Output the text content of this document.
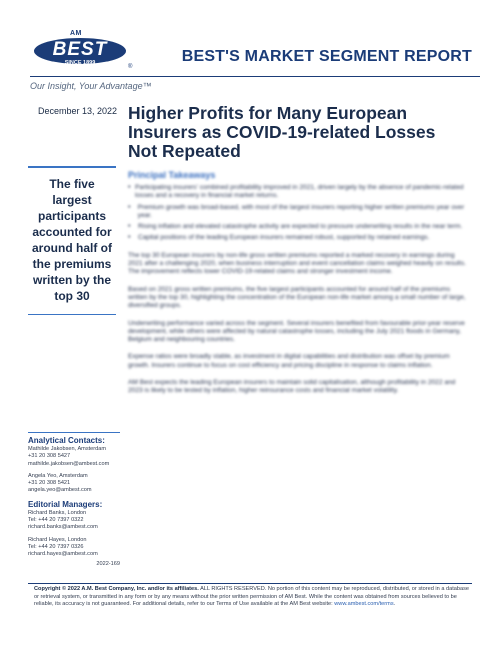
AM
BEST
SINCE 1899
®
BEST'S MARKET SEGMENT REPORT
Our Insight, Your Advantage™
December 13, 2022 Higher Profits for Many European Insurers as COVID-19-related Losses Not Repeated
The five largest participants accounted for around half of the premiums written by the top 30
Principal Takeaways
• Participating insurers' combined profitability improved in 2021, driven largely by the absence of pandemic-related losses and a recovery in financial market returns.

•	Premium growth was broad-based, with most of the largest insurers reporting higher written premiums year over year.

•	Rising inflation and elevated catastrophe activity are expected to pressure underwriting results in the near term.

•	Capital positions of the leading European insurers remained robust, supported by retained earnings.

The top 30 European insurers by non-life gross written premiums reported a marked recovery in earnings during 2021 after a challenging 2020, when business interruption and event cancellation claims weighed heavily on results. The improvement reflects lower COVID-19-related claims and stronger investment income.

Based on 2021 gross written premiums, the five largest participants accounted for around half of the premiums written by the top 30, highlighting the concentration of the European non-life market among a small number of large, diversified groups.

Underwriting performance varied across the segment. Several insurers benefited from favourable prior-year reserve development, while others were affected by natural catastrophe losses, including the July 2021 floods in Germany, Belgium and neighbouring countries.

Expense ratios were broadly stable, as investment in digital capabilities and distribution was offset by premium growth. Insurers continue to focus on cost efficiency and pricing discipline in response to claims inflation.

AM Best expects the leading European insurers to maintain solid capitalisation, although profitability in 2022 and 2023 is likely to be tested by inflation, higher reinsurance costs and financial market volatility.

Analytical Contacts:
Mathilde Jakobsen, Amsterdam
+31 20 308 5427
mathilde.jakobsen@ambest.com
Angela Yeo, Amsterdam
+31 20 308 5421
angela.yeo@ambest.com
Editorial Managers:
Richard Banks, London
Tel: +44 20 7397 0322
richard.banks@ambest.com
Richard Hayes, London
Tel: +44 20 7397 0326
richard.hayes@ambest.com
2022-169
Copyright © 2022 A.M. Best Company, Inc. and/or its affiliates. ALL RIGHTS RESERVED. No portion of this content may be reproduced, distributed, or stored in a database or retrieval system, or transmitted in any form or by any means without the prior written permission of AM Best. While the content was obtained from sources believed to be reliable, its accuracy is not guaranteed. For additional details, refer to our Terms of Use available at the AM Best website: www.ambest.com/terms.
